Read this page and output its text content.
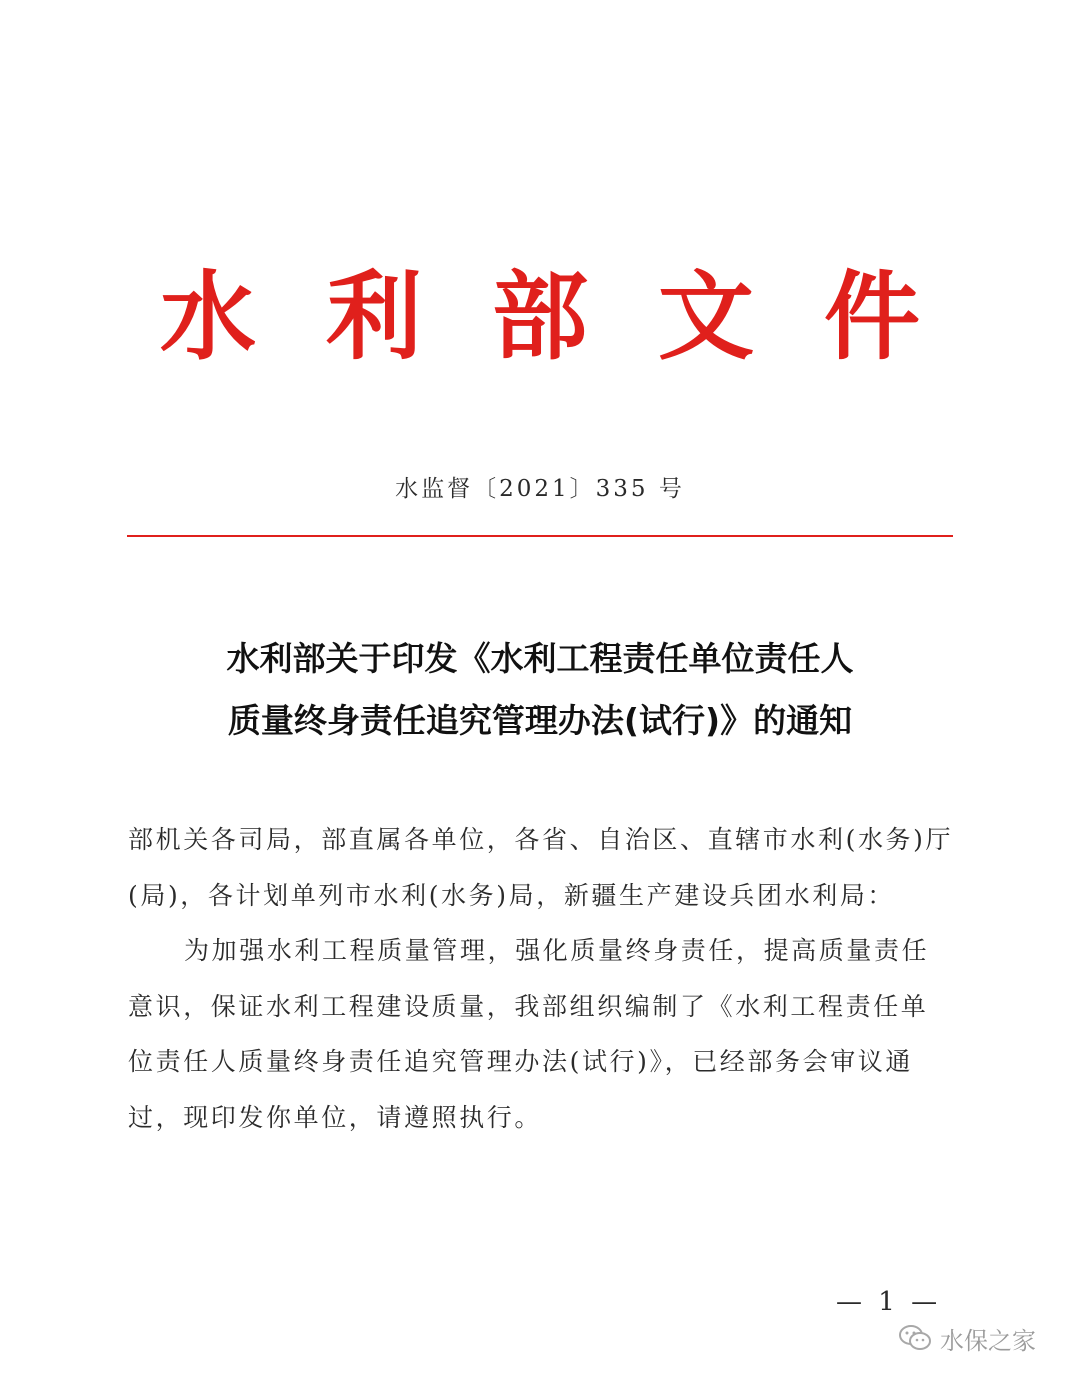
水 利 部 文 件
水监督〔2021〕335 号
水利部关于印发《水利工程责任单位责任人
质量终身责任追究管理办法(试行)》的通知
部机关各司局，部直属各单位，各省、自治区、直辖市水利(水务)厅
(局)，各计划单列市水利(水务)局，新疆生产建设兵团水利局：
为加强水利工程质量管理，强化质量终身责任，提高质量责任
意识，保证水利工程建设质量，我部组织编制了《水利工程责任单
位责任人质量终身责任追究管理办法(试行)》，已经部务会审议通
过，现印发你单位，请遵照执行。
— 1 —
水保之家
